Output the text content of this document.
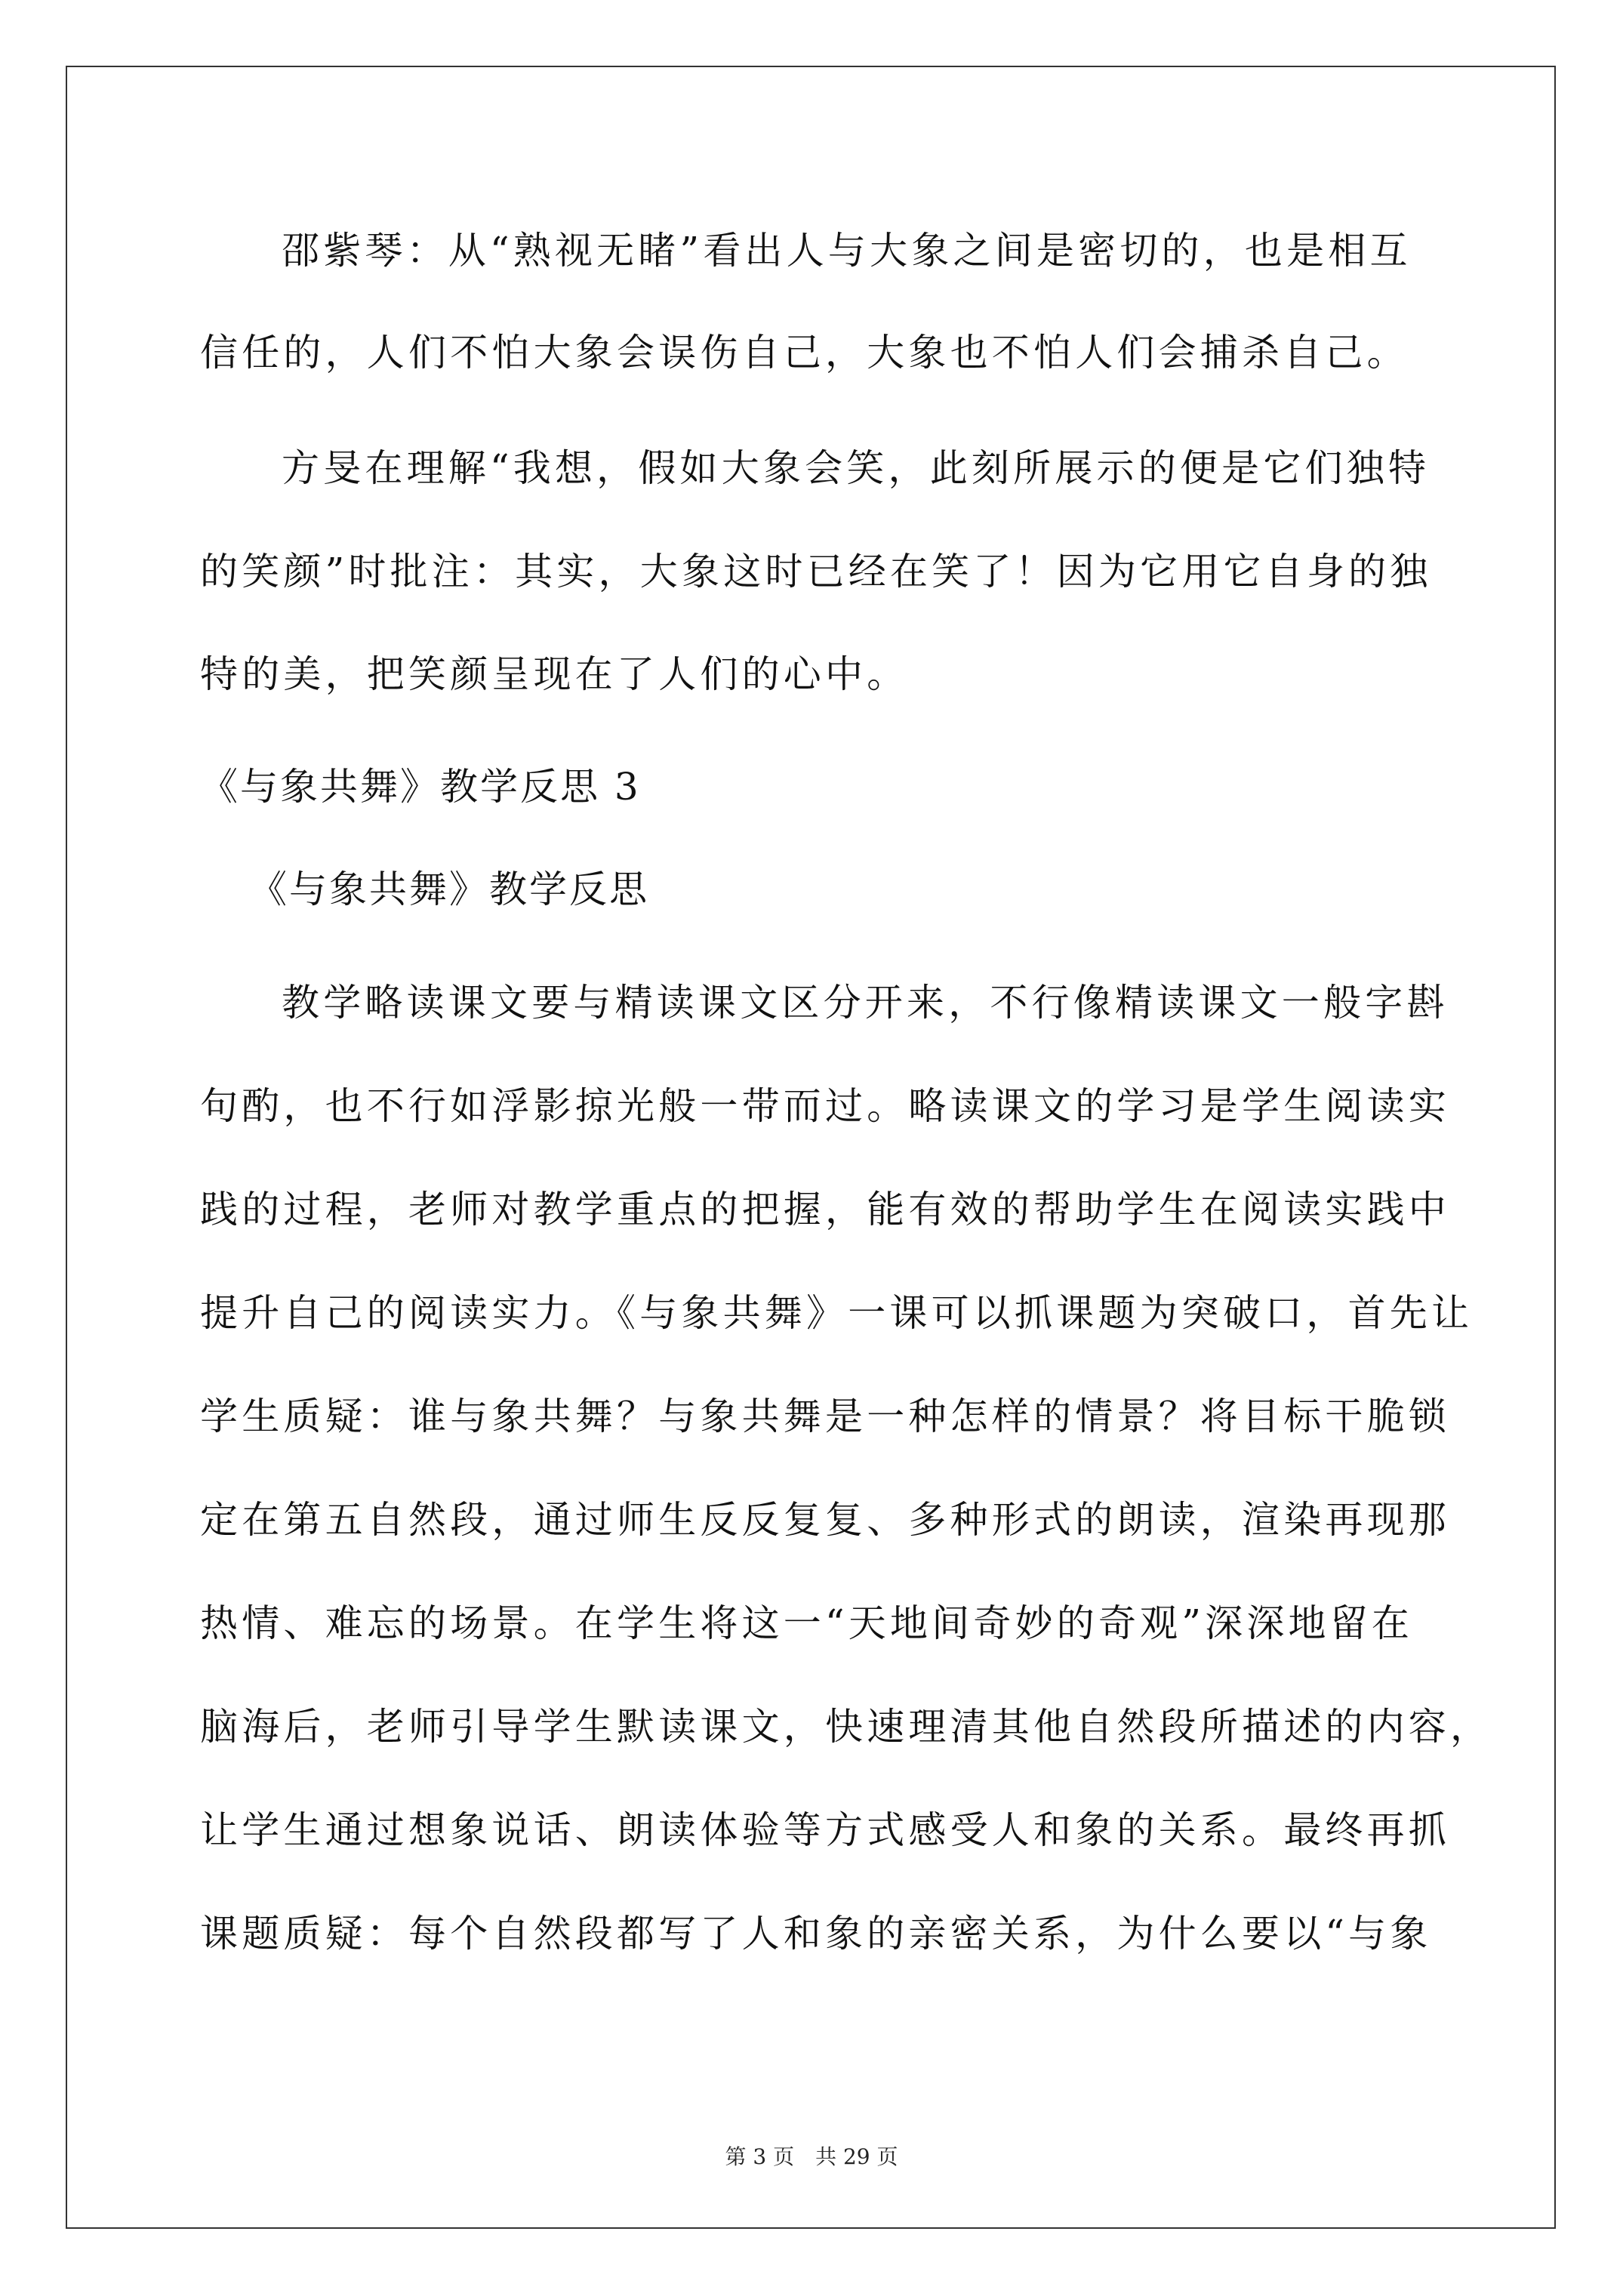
邵紫琴：从“熟视无睹”看出人与大象之间是密切的，也是相互
信任的，人们不怕大象会误伤自己，大象也不怕人们会捕杀自己。
方旻在理解“我想，假如大象会笑，此刻所展示的便是它们独特
的笑颜”时批注：其实，大象这时已经在笑了！因为它用它自身的独
特的美，把笑颜呈现在了人们的心中。
《与象共舞》教学反思 3
《与象共舞》教学反思
教学略读课文要与精读课文区分开来，不行像精读课文一般字斟
句酌，也不行如浮影掠光般一带而过。略读课文的学习是学生阅读实
践的过程，老师对教学重点的把握，能有效的帮助学生在阅读实践中
提升自己的阅读实力。《与象共舞》一课可以抓课题为突破口，首先让
学生质疑：谁与象共舞？与象共舞是一种怎样的情景？将目标干脆锁
定在第五自然段，通过师生反反复复、多种形式的朗读，渲染再现那
热情、难忘的场景。在学生将这一“天地间奇妙的奇观”深深地留在
脑海后，老师引导学生默读课文，快速理清其他自然段所描述的内容，
让学生通过想象说话、朗读体验等方式感受人和象的关系。最终再抓
课题质疑：每个自然段都写了人和象的亲密关系，为什么要以“与象
第 3 页　共 29 页
